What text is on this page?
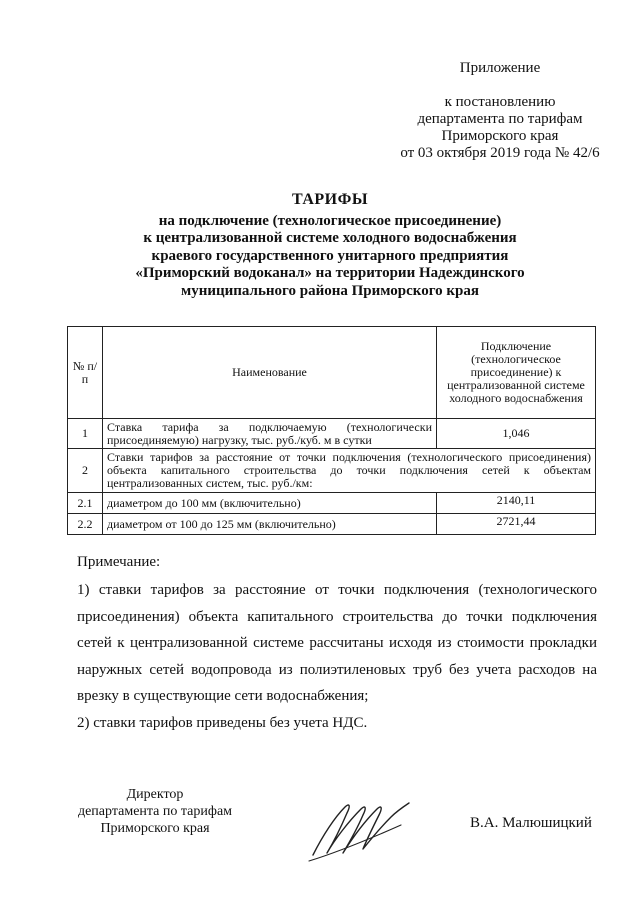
Приложение
к постановлению
департамента по тарифам
Приморского края
от 03 октября 2019 года № 42/6
ТАРИФЫ
на подключение (технологическое присоединение)
к централизованной системе холодного водоснабжения
краевого государственного унитарного предприятия
«Приморский водоканал» на территории Надеждинского
муниципального района Приморского края
№ п/п	Наименование	Подключение (технологическое присоединение) к централизованной системе холодного водоснабжения
1	Ставка тарифа за подключаемую (технологически присоединяемую) нагрузку, тыс. руб./куб. м в сутки	1,046
2	Ставки тарифов за расстояние от точки подключения (технологического присоединения) объекта капитального строительства до точки подключения сетей к объектам централизованных систем, тыс. руб./км:	
2.1	диаметром до 100 мм (включительно)	2140,11
2.2	диаметром от 100 до 125 мм (включительно)	2721,44
Примечание:

1) ставки тарифов за расстояние от точки подключения (технологического присоединения) объекта капитального строительства до точки подключения сетей к централизованной системе рассчитаны исходя из стоимости прокладки наружных сетей водопровода из полиэтиленовых труб без учета расходов на врезку в существующие сети водоснабжения;

2) ставки тарифов приведены без учета НДС.

Директор
департамента по тарифам
Приморского края	В.А. Малюшицкий
